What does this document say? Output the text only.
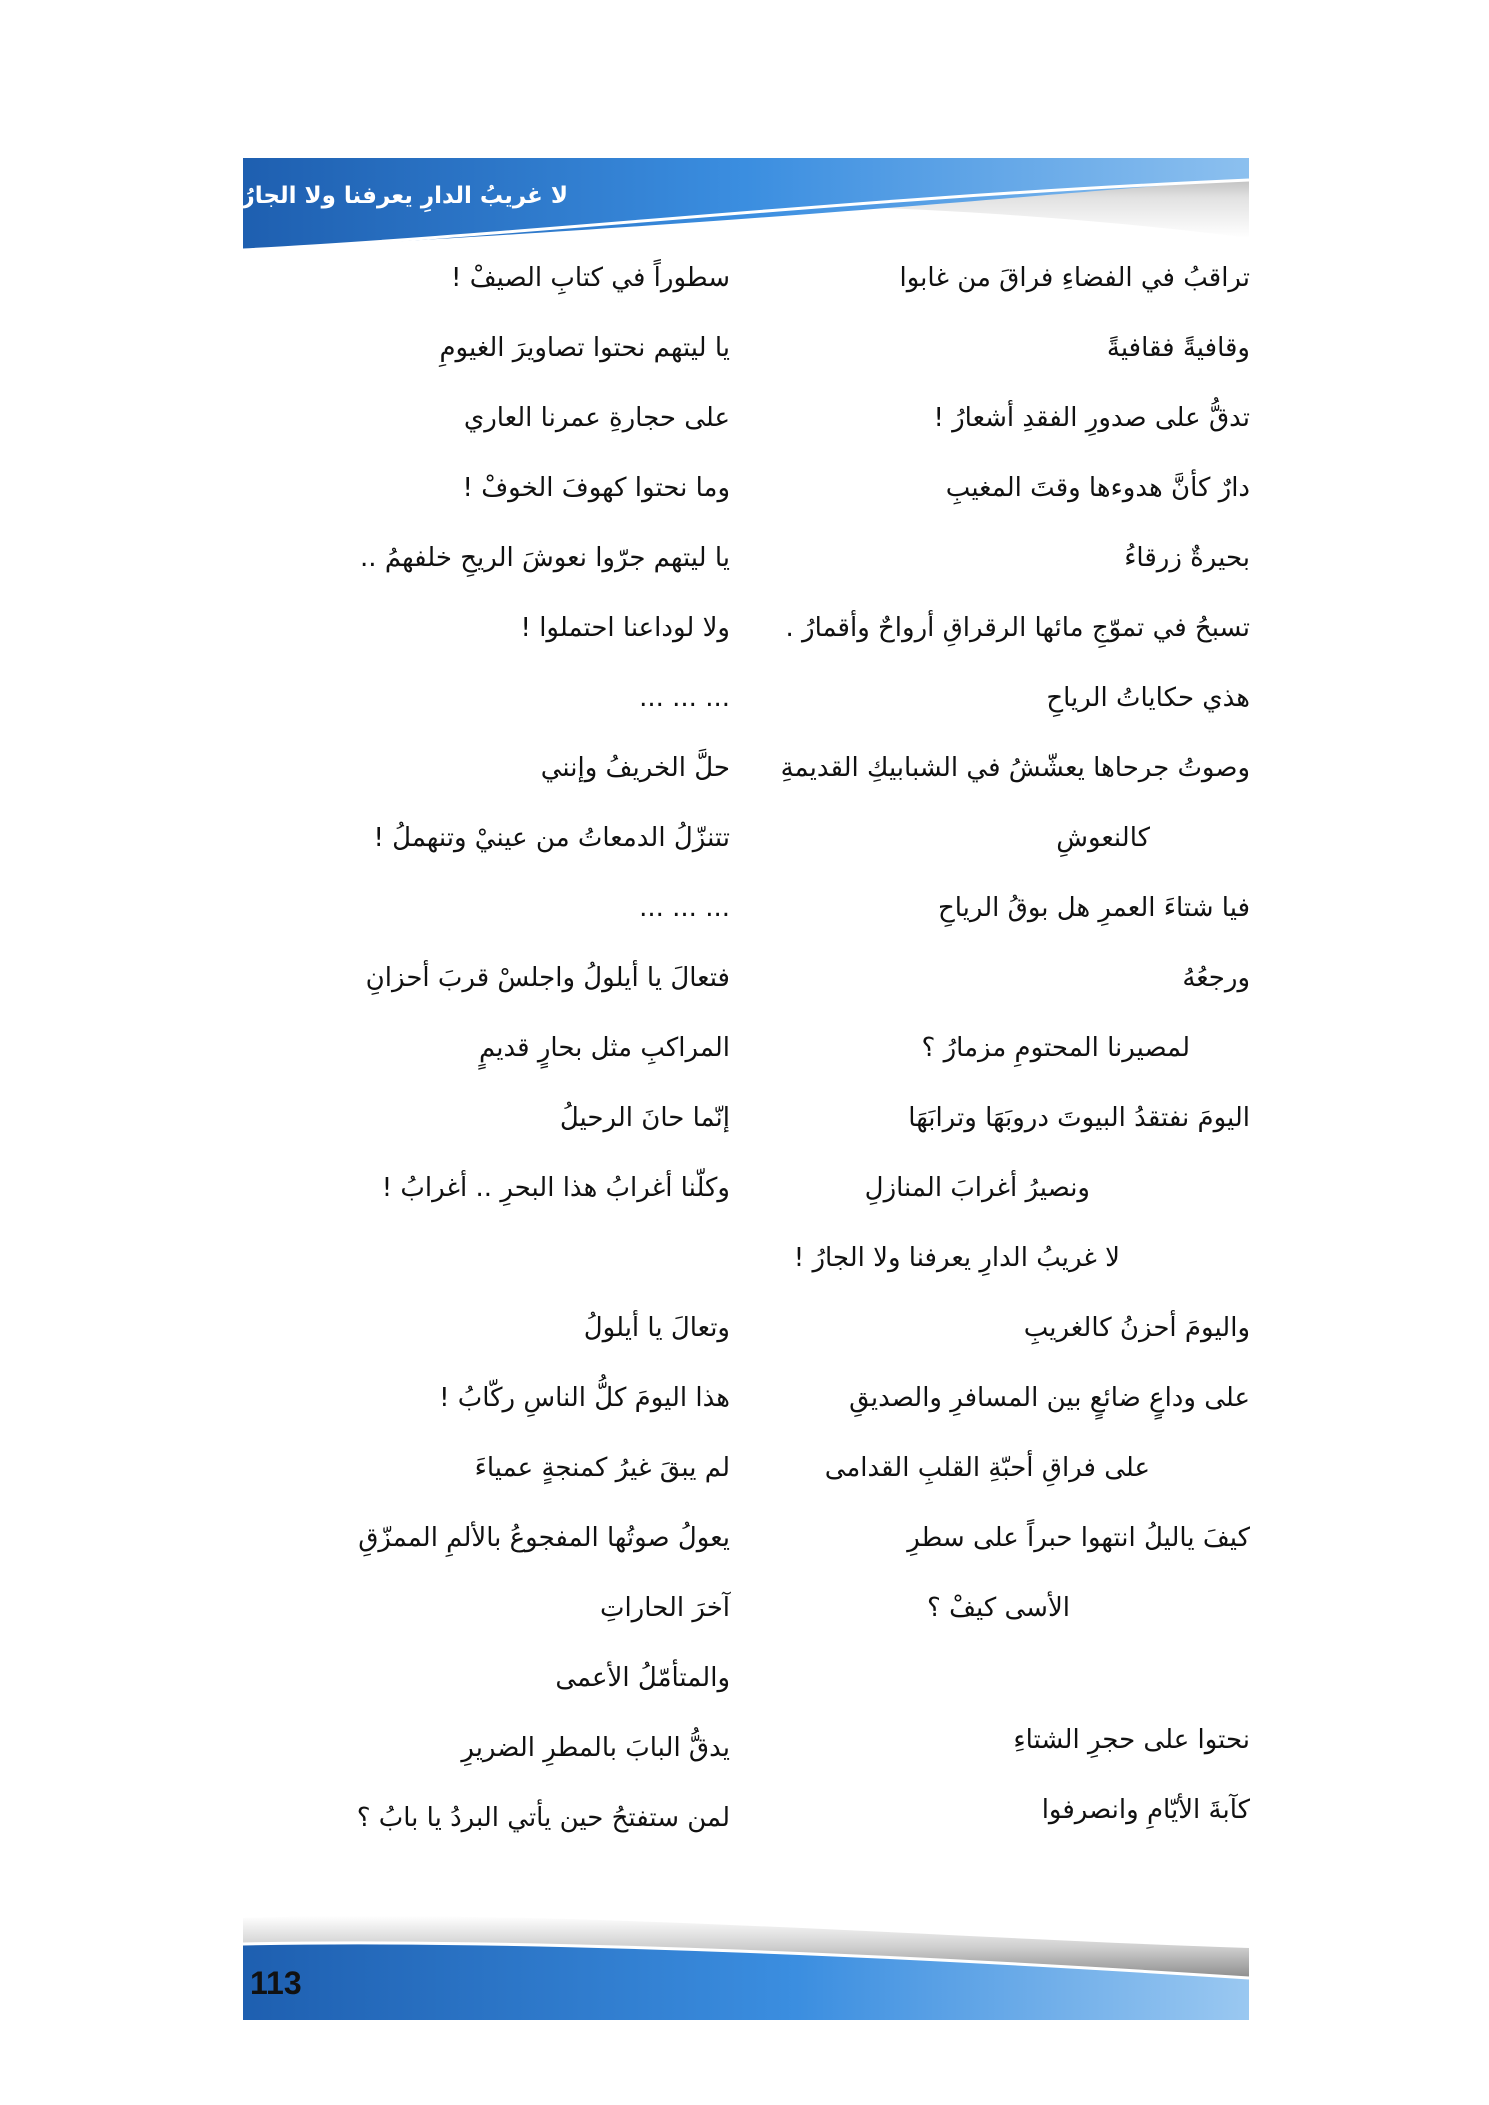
لا غريبُ الدارِ يعرفنا ولا الجارُ
تراقبُ في الفضاءِ فراقَ من غابوا
وقافيةً فقافيةً
تدقُّ على صدورِ الفقدِ أشعارُ !
دارٌ كأنَّ هدوءها وقتَ المغيبِ
بحيرةٌ زرقاءُ
تسبحُ في تموّجِ مائها الرقراقِ أرواحٌ وأقمارُ .
هذي حكاياتُ الرياحِ
وصوتُ جرحاها يعشّشُ في الشبابيكِ القديمةِ
كالنعوشِ
فيا شتاءَ العمرِ هل بوقُ الرياحِ
ورجعُهُ
لمصيرنا المحتومِ مزمارُ ؟
اليومَ نفتقدُ البيوتَ دروبَهَا وترابَهَا
ونصيرُ أغرابَ المنازلِ
لا غريبُ الدارِ يعرفنا ولا الجارُ !
واليومَ أحزنُ كالغريبِ
على وداعٍ ضائعٍ بين المسافرِ والصديقِ
على فراقِ أحبّةِ القلبِ القدامى
كيفَ ياليلُ انتهوا حبراً على سطرِ
الأسى كيفْ ؟
نحتوا على حجرِ الشتاءِ
كآبةَ الأيّامِ وانصرفوا
سطوراً في كتابِ الصيفْ !
يا ليتهم نحتوا تصاويرَ الغيومِ
على حجارةِ عمرنا العاري
وما نحتوا كهوفَ الخوفْ !
يا ليتهم جرّوا نعوشَ الريحِ خلفهمُ ..
ولا لوداعنا احتملوا !
... ... ...
حلَّ الخريفُ وإنني
تتنزّلُ الدمعاتُ من عينيْ وتنهملُ !
... ... ...
فتعالَ يا أيلولُ واجلسْ قربَ أحزانِ
المراكبِ مثل بحارٍ قديمٍ
إنّما حانَ الرحيلُ
وكلّنا أغرابُ هذا البحرِ .. أغرابُ !
وتعالَ يا أيلولُ
هذا اليومَ كلُّ الناسِ ركّابُ !
لم يبقَ غيرُ كمنجةٍ عمياءَ
يعولُ صوتُها المفجوعُ بالألمِ الممزّقِ
آخرَ الحاراتِ
والمتأمّلُ الأعمى
يدقُّ البابَ بالمطرِ الضريرِ
لمن ستفتحُ حين يأتي البردُ يا بابُ ؟
113
